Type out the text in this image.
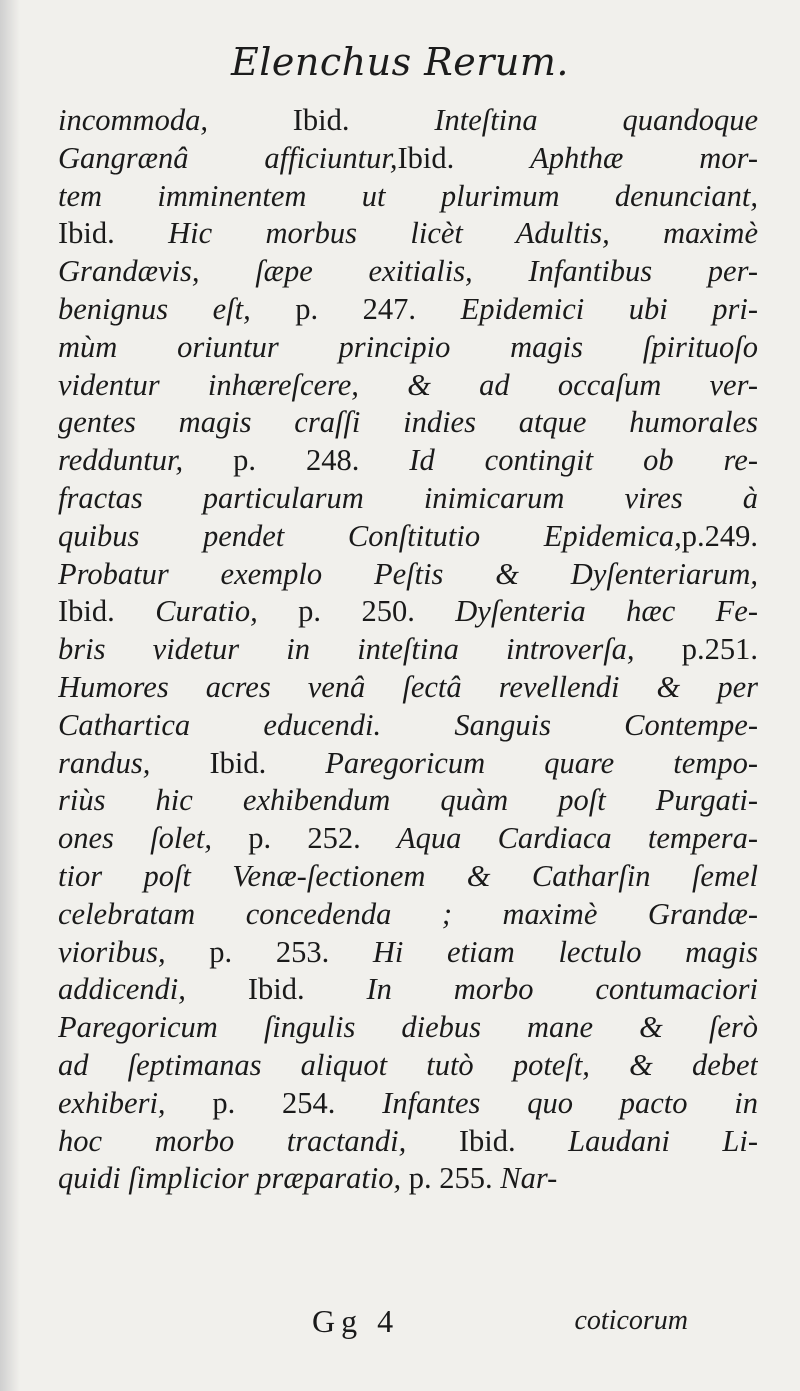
Elenchus Rerum.
incommoda, Ibid. Inteſtina quandoque
Gangrænâ afficiuntur,Ibid. Aphthæ mor-
tem imminentem ut plurimum denunciant,
Ibid. Hic morbus licèt Adultis, maximè
Grandævis, ſæpe exitialis, Infantibus per-
benignus eſt, p. 247. Epidemici ubi pri-
mùm oriuntur principio magis ſpirituoſo
videntur inhæreſcere, & ad occaſum ver-
gentes magis craſſi indies atque humorales
redduntur, p. 248. Id contingit ob re-
fractas particularum inimicarum vires à
quibus pendet Conſtitutio Epidemica,p.249.
Probatur exemplo Peſtis & Dyſenteriarum,
Ibid. Curatio, p. 250. Dyſenteria hæc Fe-
bris videtur in inteſtina introverſa, p.251.
Humores acres venâ ſectâ revellendi & per
Cathartica educendi. Sanguis Contempe-
randus, Ibid. Paregoricum quare tempo-
riùs hic exhibendum quàm poſt Purgati-
ones ſolet, p. 252. Aqua Cardiaca tempera-
tior poſt Venæ-ſectionem & Catharſin ſemel
celebratam concedenda ; maximè Grandæ-
vioribus, p. 253. Hi etiam lectulo magis
addicendi, Ibid. In morbo contumaciori
Paregoricum ſingulis diebus mane & ſerò
ad ſeptimanas aliquot tutò poteſt, & debet
exhiberi, p. 254. Infantes quo pacto in
hoc morbo tractandi, Ibid. Laudani Li-
quidi ſimplicior præparatio, p. 255. Nar-
Gg 4	coticorum
